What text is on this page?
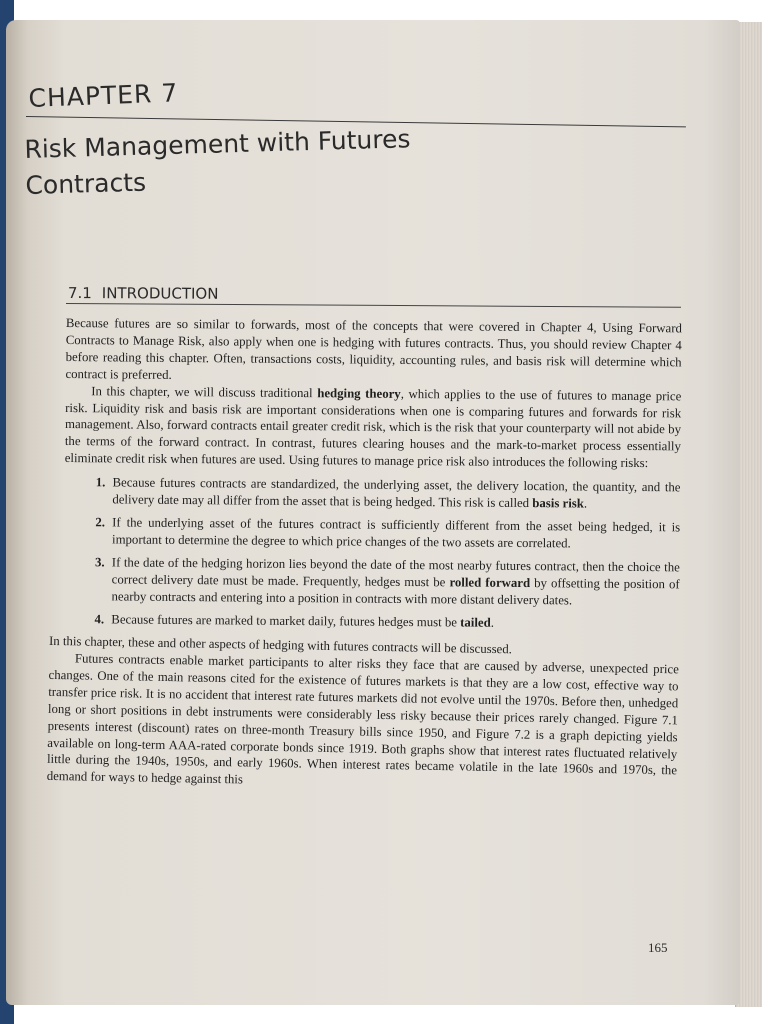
CHAPTER 7
Risk Management with Futures
Contracts
7.1 INTRODUCTION

Because futures are so similar to forwards, most of the concepts that were covered in Chapter 4, Using Forward Contracts to Manage Risk, also apply when one is hedging with futures contracts. Thus, you should review Chapter 4 before reading this chapter. Often, transactions costs, liquidity, accounting rules, and basis risk will determine which contract is preferred.

In this chapter, we will discuss traditional hedging theory, which applies to the use of futures to manage price risk. Liquidity risk and basis risk are important considerations when one is comparing futures and forwards for risk management. Also, forward contracts entail greater credit risk, which is the risk that your counterparty will not abide by the terms of the forward contract. In contrast, futures clearing houses and the mark-to-market process essentially eliminate credit risk when futures are used. Using futures to manage price risk also introduces the following risks:

1. Because futures contracts are standardized, the underlying asset, the delivery location, the quantity, and the delivery date may all differ from the asset that is being hedged. This risk is called basis risk.
2. If the underlying asset of the futures contract is sufficiently different from the asset being hedged, it is important to determine the degree to which price changes of the two assets are correlated.
3. If the date of the hedging horizon lies beyond the date of the most nearby futures contract, then the choice the correct delivery date must be made. Frequently, hedges must be rolled forward by offsetting the position of nearby contracts and entering into a position in contracts with more distant delivery dates.
4. Because futures are marked to market daily, futures hedges must be tailed.

In this chapter, these and other aspects of hedging with futures contracts will be discussed.

Futures contracts enable market participants to alter risks they face that are caused by adverse, unexpected price changes. One of the main reasons cited for the existence of futures markets is that they are a low cost, effective way to transfer price risk. It is no accident that interest rate futures markets did not evolve until the 1970s. Before then, unhedged long or short positions in debt instruments were considerably less risky because their prices rarely changed. Figure 7.1 presents interest (discount) rates on three-month Treasury bills since 1950, and Figure 7.2 is a graph depicting yields available on long-term AAA-rated corporate bonds since 1919. Both graphs show that interest rates fluctuated relatively little during the 1940s, 1950s, and early 1960s. When interest rates became volatile in the late 1960s and 1970s, the demand for ways to hedge against this

165
